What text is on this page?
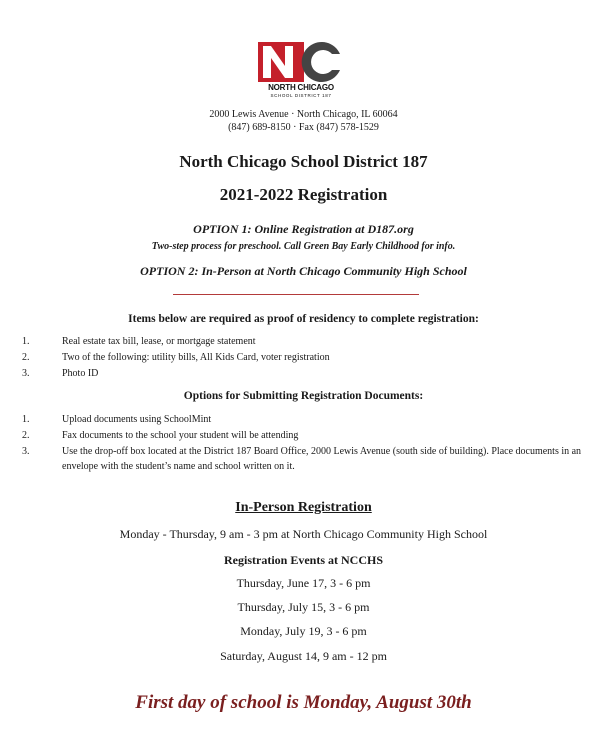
NORTH CHICAGO
SCHOOL DISTRICT 187
2000 Lewis Avenue · North Chicago, IL 60064
(847) 689-8150 · Fax (847) 578-1529
North Chicago School District 187
2021-2022 Registration
OPTION 1: Online Registration at D187.org
Two-step process for preschool. Call Green Bay Early Childhood for info.
OPTION 2: In-Person at North Chicago Community High School
Items below are required as proof of residency to complete registration:
1.	Real estate tax bill, lease, or mortgage statement
2.	Two of the following: utility bills, All Kids Card, voter registration
3.	Photo ID
Options for Submitting Registration Documents:
1.	Upload documents using SchoolMint
2.	Fax documents to the school your student will be attending
3.	Use the drop-off box located at the District 187 Board Office, 2000 Lewis Avenue (south side of building). Place documents in an envelope with the student’s name and school written on it.
In-Person Registration
Monday - Thursday, 9 am - 3 pm at North Chicago Community High School
Registration Events at NCCHS
Thursday, June 17, 3 - 6 pm
Thursday, July 15, 3 - 6 pm
Monday, July 19, 3 - 6 pm
Saturday, August 14, 9 am - 12 pm
First day of school is Monday, August 30th
